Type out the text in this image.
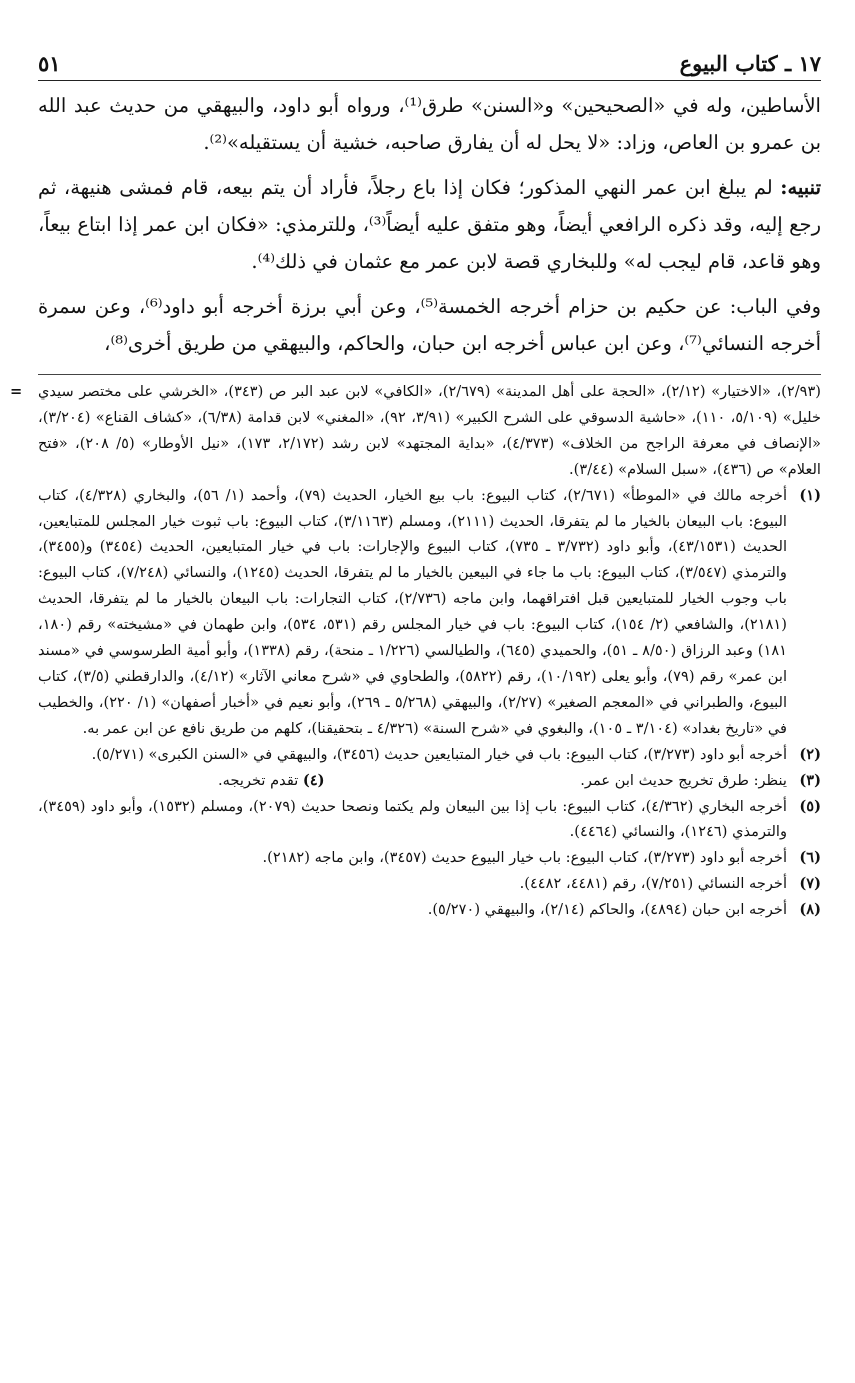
١٧ ـ كتاب البيوع
٥١

الأساطين، وله في «الصحيحين» و«السنن» طرق⁽¹⁾، ورواه أبو داود، والبيهقي من حديث عبد الله بن عمرو بن العاص، وزاد: «لا يحل له أن يفارق صاحبه، خشية أن يستقيله»⁽²⁾.

تنبيه: لم يبلغ ابن عمر النهي المذكور؛ فكان إذا باع رجلاً، فأراد أن يتم بيعه، قام فمشى هنيهة، ثم رجع إليه، وقد ذكره الرافعي أيضاً، وهو متفق عليه أيضاً⁽³⁾، وللترمذي: «فكان ابن عمر إذا ابتاع بيعاً، وهو قاعد، قام ليجب له» وللبخاري قصة لابن عمر مع عثمان في ذلك⁽⁴⁾.

وفي الباب: عن حكيم بن حزام أخرجه الخمسة⁽⁵⁾، وعن أبي برزة أخرجه أبو داود⁽⁶⁾، وعن سمرة أخرجه النسائي⁽⁷⁾، وعن ابن عباس أخرجه ابن حبان، والحاكم، والبيهقي من طريق أخرى⁽⁸⁾،

= (٢/٩٣)، «الاختيار» (٢/١٢)، «الحجة على أهل المدينة» (٢/٦٧٩)، «الكافي» لابن عبد البر ص (٣٤٣)، «الخرشي على مختصر سيدي خليل» (٥/١٠٩، ١١٠)، «حاشية الدسوقي على الشرح الكبير» (٣/٩١، ٩٢)، «المغني» لابن قدامة (٦/٣٨)، «كشاف القناع» (٣/٢٠٤)، «الإنصاف في معرفة الراجح من الخلاف» (٤/٣٧٣)، «بداية المجتهد» لابن رشد (٢/١٧٢، ١٧٣)، «نيل الأوطار» (٥/ ٢٠٨)، «فتح العلام» ص (٤٣٦)، «سبل السلام» (٣/٤٤).
(١)
أخرجه مالك في «الموطأ» (٢/٦٧١)، كتاب البيوع: باب بيع الخيار، الحديث (٧٩)، وأحمد (١/ ٥٦)، والبخاري (٤/٣٢٨)، كتاب البيوع: باب البيعان بالخيار ما لم يتفرقا، الحديث (٢١١١)، ومسلم (٣/١١٦٣)، كتاب البيوع: باب ثبوت خيار المجلس للمتبايعين، الحديث (٤٣/١٥٣١)، وأبو داود (٣/٧٣٢ ـ ٧٣٥)، كتاب البيوع والإجارات: باب في خيار المتبايعين، الحديث (٣٤٥٤) و(٣٤٥٥)، والترمذي (٣/٥٤٧)، كتاب البيوع: باب ما جاء في البيعين بالخيار ما لم يتفرقا، الحديث (١٢٤٥)، والنسائي (٧/٢٤٨)، كتاب البيوع: باب وجوب الخيار للمتبايعين قبل افتراقهما، وابن ماجه (٢/٧٣٦)، كتاب التجارات: باب البيعان بالخيار ما لم يتفرقا، الحديث (٢١٨١)، والشافعي (٢/ ١٥٤)، كتاب البيوع: باب في خيار المجلس رقم (٥٣١، ٥٣٤)، وابن طهمان في «مشيخته» رقم (١٨٠، ١٨١) وعبد الرزاق (٨/٥٠ ـ ٥١)، والحميدي (٦٤٥)، والطيالسي (١/٢٢٦ ـ منحة)، رقم (١٣٣٨)، وأبو أمية الطرسوسي في «مسند ابن عمر» رقم (٧٩)، وأبو يعلى (١٠/١٩٢)، رقم (٥٨٢٢)، والطحاوي في «شرح معاني الآثار» (٤/١٢)، والدارقطني (٣/٥)، كتاب البيوع، والطبراني في «المعجم الصغير» (٢/٢٧)، والبيهقي (٥/٢٦٨ ـ ٢٦٩)، وأبو نعيم في «أخبار أصفهان» (١/ ٢٢٠)، والخطيب في «تاريخ بغداد» (٣/١٠٤ ـ ١٠٥)، والبغوي في «شرح السنة» (٤/٣٢٦ ـ بتحقيقنا)، كلهم من طريق نافع عن ابن عمر به.
(٢)
أخرجه أبو داود (٣/٢٧٣)، كتاب البيوع: باب في خيار المتبايعين حديث (٣٤٥٦)، والبيهقي في «السنن الكبرى» (٥/٢٧١).
(٣)
ينظر: طرق تخريج حديث ابن عمر.
(٤) تقدم تخريجه.
(٥)
أخرجه البخاري (٤/٣٦٢)، كتاب البيوع: باب إذا بين البيعان ولم يكتما ونصحا حديث (٢٠٧٩)، ومسلم (١٥٣٢)، وأبو داود (٣٤٥٩)، والترمذي (١٢٤٦)، والنسائي (٤٤٦٤).
(٦)
أخرجه أبو داود (٣/٢٧٣)، كتاب البيوع: باب خيار البيوع حديث (٣٤٥٧)، وابن ماجه (٢١٨٢).
(٧)
أخرجه النسائي (٧/٢٥١)، رقم (٤٤٨١، ٤٤٨٢).
(٨)
أخرجه ابن حبان (٤٨٩٤)، والحاكم (٢/١٤)، والبيهقي (٥/٢٧٠).
